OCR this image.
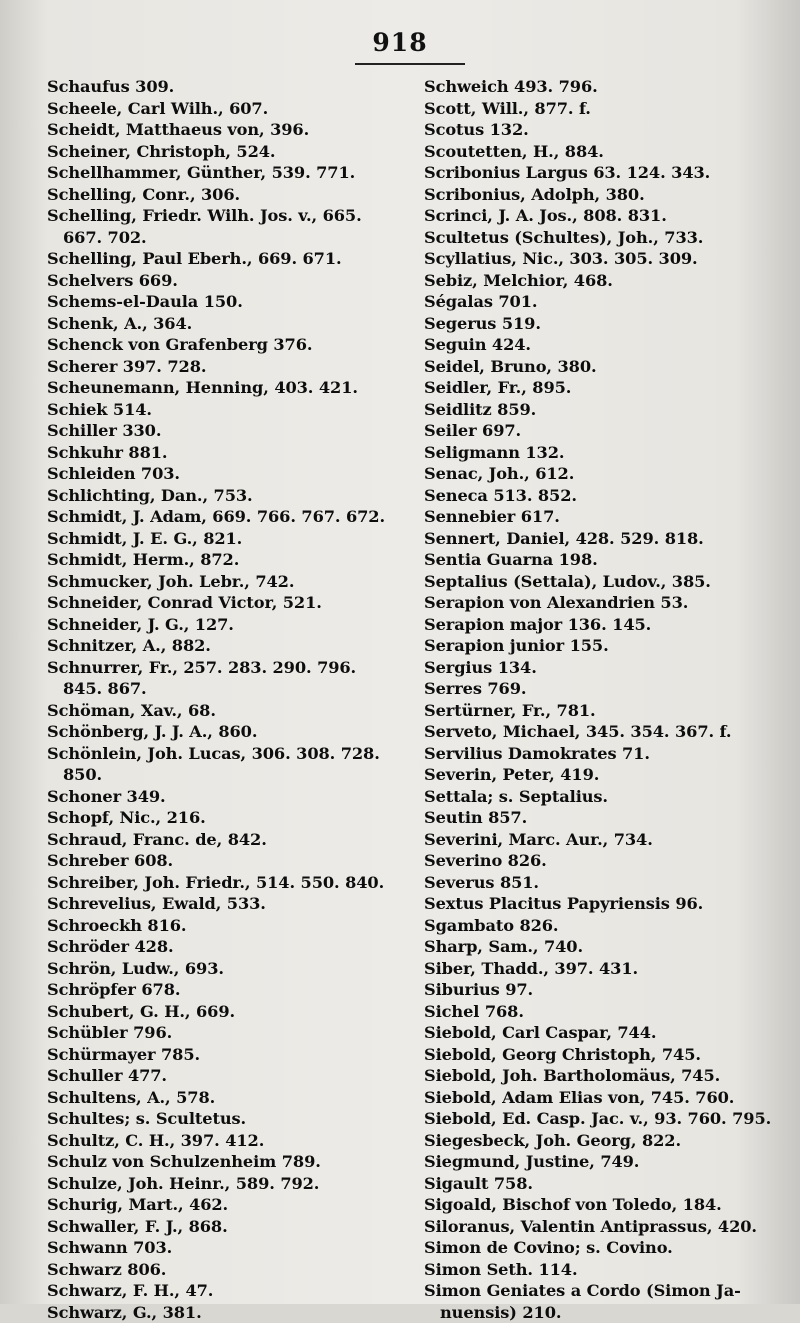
918
Schaufus 309.
Scheele, Carl Wilh., 607.
Scheidt, Matthaeus von, 396.
Scheiner, Christoph, 524.
Schellhammer, Günther, 539. 771.
Schelling, Conr., 306.
Schelling, Friedr. Wilh. Jos. v., 665.
667. 702.
Schelling, Paul Eberh., 669. 671.
Schelvers 669.
Schems-el-Daula 150.
Schenk, A., 364.
Schenck von Grafenberg 376.
Scherer 397. 728.
Scheunemann, Henning, 403. 421.
Schiek 514.
Schiller 330.
Schkuhr 881.
Schleiden 703.
Schlichting, Dan., 753.
Schmidt, J. Adam, 669. 766. 767. 672.
Schmidt, J. E. G., 821.
Schmidt, Herm., 872.
Schmucker, Joh. Lebr., 742.
Schneider, Conrad Victor, 521.
Schneider, J. G., 127.
Schnitzer, A., 882.
Schnurrer, Fr., 257. 283. 290. 796.
845. 867.
Schöman, Xav., 68.
Schönberg, J. J. A., 860.
Schönlein, Joh. Lucas, 306. 308. 728.
850.
Schoner 349.
Schopf, Nic., 216.
Schraud, Franc. de, 842.
Schreber 608.
Schreiber, Joh. Friedr., 514. 550. 840.
Schrevelius, Ewald, 533.
Schroeckh 816.
Schröder 428.
Schrön, Ludw., 693.
Schröpfer 678.
Schubert, G. H., 669.
Schübler 796.
Schürmayer 785.
Schuller 477.
Schultens, A., 578.
Schultes; s. Scultetus.
Schultz, C. H., 397. 412.
Schulz von Schulzenheim 789.
Schulze, Joh. Heinr., 589. 792.
Schurig, Mart., 462.
Schwaller, F. J., 868.
Schwann 703.
Schwarz 806.
Schwarz, F. H., 47.
Schwarz, G., 381.
Schweich 493. 796.
Scott, Will., 877. f.
Scotus 132.
Scoutetten, H., 884.
Scribonius Largus 63. 124. 343.
Scribonius, Adolph, 380.
Scrinci, J. A. Jos., 808. 831.
Scultetus (Schultes), Joh., 733.
Scyllatius, Nic., 303. 305. 309.
Sebiz, Melchior, 468.
Ségalas 701.
Segerus 519.
Seguin 424.
Seidel, Bruno, 380.
Seidler, Fr., 895.
Seidlitz 859.
Seiler 697.
Seligmann 132.
Senac, Joh., 612.
Seneca 513. 852.
Sennebier 617.
Sennert, Daniel, 428. 529. 818.
Sentia Guarna 198.
Septalius (Settala), Ludov., 385.
Serapion von Alexandrien 53.
Serapion major 136. 145.
Serapion junior 155.
Sergius 134.
Serres 769.
Sertürner, Fr., 781.
Serveto, Michael, 345. 354. 367. f.
Servilius Damokrates 71.
Severin, Peter, 419.
Settala; s. Septalius.
Seutin 857.
Severini, Marc. Aur., 734.
Severino 826.
Severus 851.
Sextus Placitus Papyriensis 96.
Sgambato 826.
Sharp, Sam., 740.
Siber, Thadd., 397. 431.
Siburius 97.
Sichel 768.
Siebold, Carl Caspar, 744.
Siebold, Georg Christoph, 745.
Siebold, Joh. Bartholomäus, 745.
Siebold, Adam Elias von, 745. 760.
Siebold, Ed. Casp. Jac. v., 93. 760. 795.
Siegesbeck, Joh. Georg, 822.
Siegmund, Justine, 749.
Sigault 758.
Sigoald, Bischof von Toledo, 184.
Siloranus, Valentin Antiprassus, 420.
Simon de Covino; s. Covino.
Simon Seth. 114.
Simon Geniates a Cordo (Simon Ja-
nuensis) 210.
